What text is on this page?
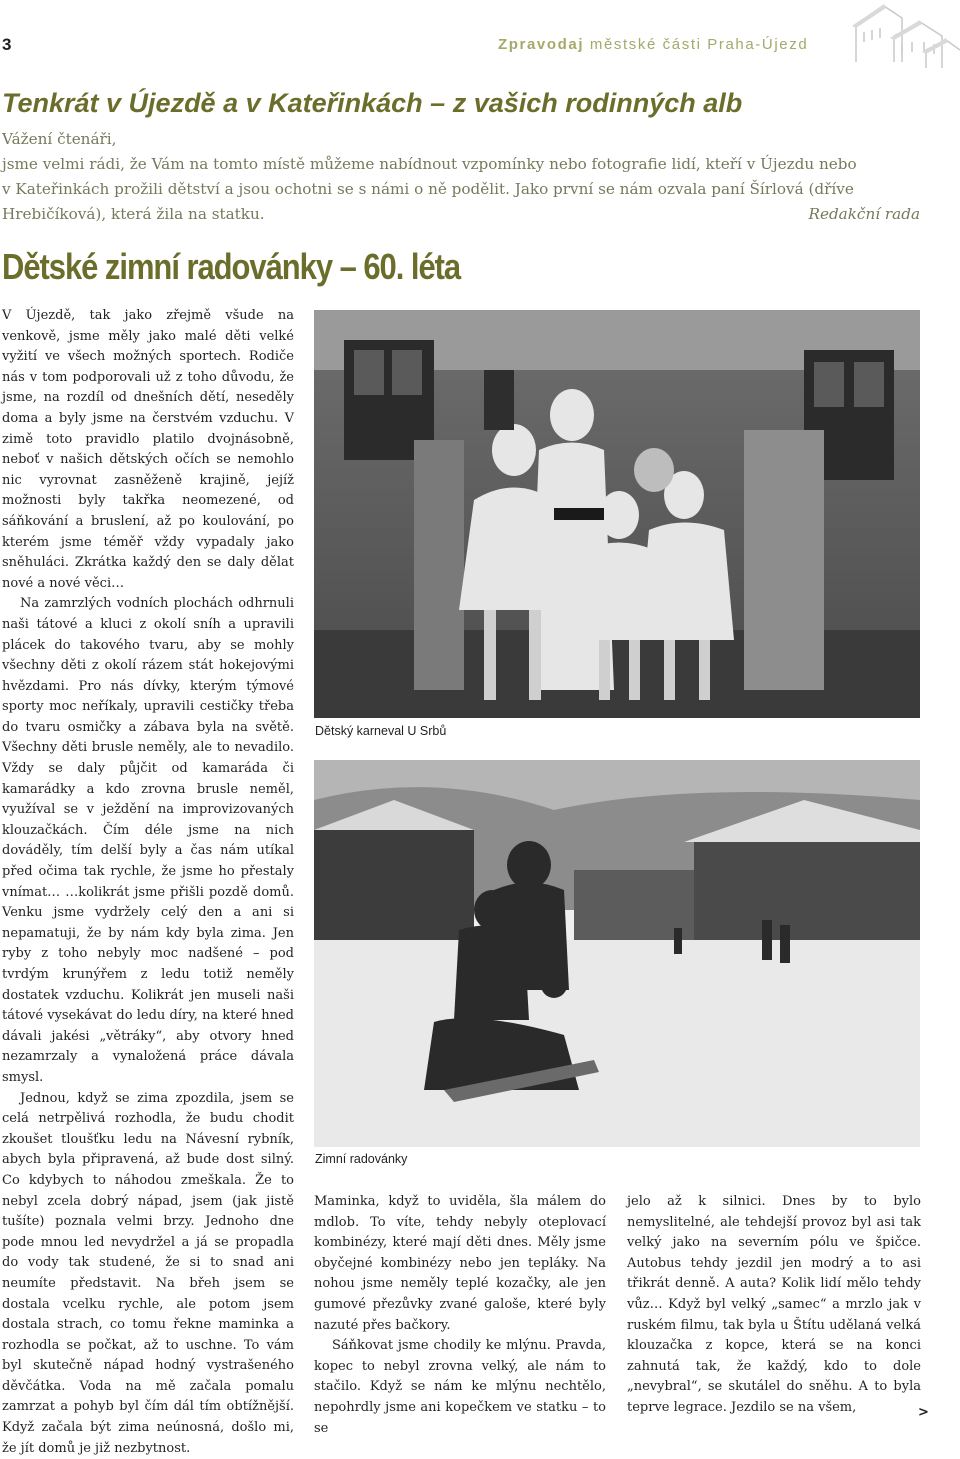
3	Zpravodaj městské části Praha-Újezd
Tenkrát v Újezdě a v Kateřinkách – z vašich rodinných alb

Vážení čtenáři,

jsme velmi rádi, že Vám na tomto místě můžeme nabídnout vzpomínky nebo fotografie lidí, kteří v Újezdu nebo

v Kateřinkách prožili dětství a jsou ochotni se s námi o ně podělit. Jako první se nám ozvala paní Šírlová (dříve

Hrebičíková), která žila na statku.	Redakční rada
Dětské zimní radovánky – 60. léta

V Újezdě, tak jako zřejmě všude na venkově, jsme měly jako malé děti velké vyžití ve všech možných sportech. Rodiče nás v tom podporovali už z toho důvodu, že jsme, na rozdíl od dnešních dětí, neseděly doma a byly jsme na čerstvém vzduchu. V zimě toto pravidlo platilo dvojnásobně, neboť v našich dětských očích se nemohlo nic vyrovnat zasněženě krajině, jejíž možnosti byly takřka neomezené, od sáňkování a bruslení, až po koulování, po kterém jsme téměř vždy vypadaly jako sněhuláci. Zkrátka každý den se daly dělat nové a nové věci…

Na zamrzlých vodních plochách odhrnuli naši tátové a kluci z okolí sníh a upravili plácek do takového tvaru, aby se mohly všechny děti z okolí rázem stát hokejovými hvězdami. Pro nás dívky, kterým týmové sporty moc neříkaly, upravili cestičky třeba do tvaru osmičky a zábava byla na světě. Všechny děti brusle neměly, ale to nevadilo. Vždy se daly půjčit od kamaráda či kamarádky a kdo zrovna brusle neměl, využíval se v ježdění na improvizovaných klouzačkách. Čím déle jsme na nich dováděly, tím delší byly a čas nám utíkal před očima tak rychle, že jsme ho přestaly vnímat… …kolikrát jsme přišli pozdě domů. Venku jsme vydržely celý den a ani si nepamatuji, že by nám kdy byla zima. Jen ryby z toho nebyly moc nadšené – pod tvrdým krunýřem z ledu totiž neměly dostatek vzduchu. Kolikrát jen museli naši tátové vysekávat do ledu díry, na které hned dávali jakési „větráky“, aby otvory hned nezamrzaly a vynaložená práce dávala smysl.

Jednou, když se zima zpozdila, jsem se celá netrpělivá rozhodla, že budu chodit zkoušet tloušťku ledu na Návesní rybník, abych byla připravená, až bude dost silný. Co kdybych to náhodou zmeškala. Že to nebyl zcela dobrý nápad, jsem (jak jistě tušíte) poznala velmi brzy. Jednoho dne pode mnou led nevydržel a já se propadla do vody tak studené, že si to snad ani neumíte představit. Na břeh jsem se dostala vcelku rychle, ale potom jsem dostala strach, co tomu řekne maminka a rozhodla se počkat, až to uschne. To vám byl skutečně nápad hodný vystrašeného děvčátka. Voda na mě začala pomalu zamrzat a pohyb byl čím dál tím obtížnější. Když začala být zima neúnosná, došlo mi, že jít domů je již nezbytnost.

Dětský karneval U Srbů
Zimní radovánky

Maminka, když to uviděla, šla málem do mdlob. To víte, tehdy nebyly oteplovací kombinézy, které mají děti dnes. Měly jsme obyčejné kombinézy nebo jen tepláky. Na nohou jsme neměly teplé kozačky, ale jen gumové přezůvky zvané galoše, které byly nazuté přes bačkory.

Sáňkovat jsme chodily ke mlýnu. Pravda, kopec to nebyl zrovna velký, ale nám to stačilo. Když se nám ke mlýnu nechtělo, nepohrdly jsme ani kopečkem ve statku – to se

jelo až k silnici. Dnes by to bylo nemyslitelné, ale tehdejší provoz byl asi tak velký jako na severním pólu ve špičce. Autobus tehdy jezdil jen modrý a to asi třikrát denně. A auta? Kolik lidí mělo tehdy vůz… Když byl velký „samec“ a mrzlo jak v ruském filmu, tak byla u Štítu udělaná velká klouzačka z kopce, která se na konci zahnutá tak, že každý, kdo to dole „nevybral“, se skutálel do sněhu. A to byla teprve legrace. Jezdilo se na všem,	>
